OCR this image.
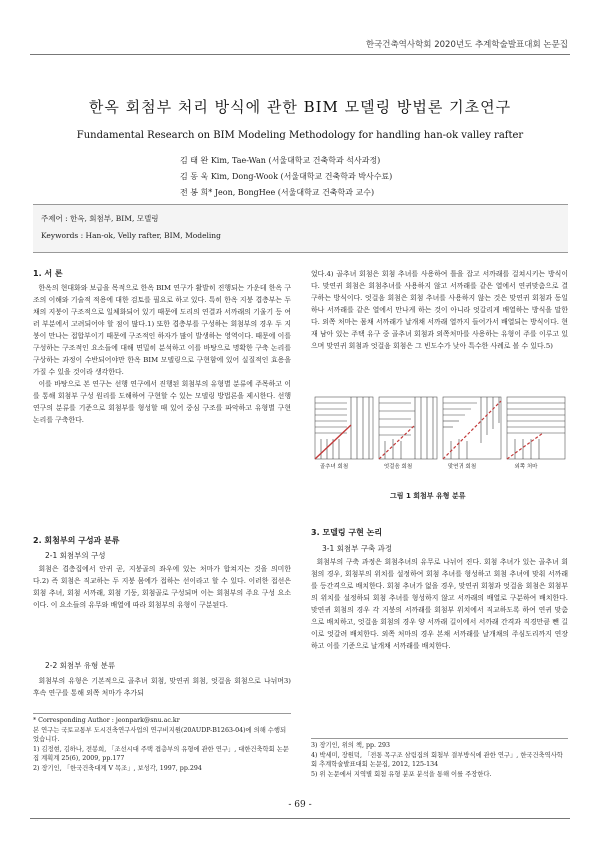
한국건축역사학회 2020년도 추계학술발표대회 논문집
한옥 회첨부 처리 방식에 관한 BIM 모델링 방법론 기초연구
Fundamental Research on BIM Modeling Methodology for handling han-ok valley rafter
김 태 완 Kim, Tae-Wan (서울대학교 건축학과 석사과정)
김 동 욱 Kim, Dong-Wook (서울대학교 건축학과 박사수료)
전 봉 희* Jeon, BongHee (서울대학교 건축학과 교수)
주제어 : 한옥, 회첨부, BIM, 모델링
Keywords : Han-ok, Velly rafter, BIM, Modeling
1. 서 론

한옥의 현대화와 보급을 목적으로 한옥 BIM 연구가 활발히 진행되는 가운데 한옥 구조의 이해와 기술적 적용에 대한 검토를 필요로 하고 있다. 특히 한옥 지붕 겹층부는 두 채의 지붕이 구조적으로 일체화되어 있기 때문에 도리의 연결과 서까래의 기울기 등 여러 부분에서 고려되어야 할 점이 많다.1) 또한 겹층부를 구성하는 회첨부의 경우 두 지붕이 만나는 접합부이기 때문에 구조적인 하자가 많이 발생하는 영역이다. 때문에 이를 구성하는 구조적인 요소들에 대해 면밀히 분석하고 이를 바탕으로 명확한 구축 논리를 구상하는 과정이 수반되어야만 한옥 BIM 모델링으로 구현함에 있어 실질적인 효용을 가질 수 있을 것이라 생각한다.

이를 바탕으로 본 연구는 선행 연구에서 진행된 회첨부의 유형별 분류에 주목하고 이를 통해 회첨부 구성 원리를 도해하여 구현할 수 있는 모델링 방법론을 제시한다. 선행 연구의 분류를 기준으로 회첨부를 형성할 때 있어 중심 구조를 파악하고 유형별 구현 논리를 구축한다.

2. 회첨부의 구성과 분류
2-1 회첨부의 구성

회첨은 겹층집에서 안귀 곧, 지붕골의 좌우에 있는 처마가 합쳐지는 것을 의미한다.2) 즉 회첨은 직교하는 두 지붕 몸에가 접하는 선이라고 할 수 있다. 이러한 접선은 회첨 추녀, 회첨 서까래, 회첨 기둥, 회첨골로 구성되며 이는 회첨부의 주요 구성 요소이다. 이 요소들의 유무와 배열에 따라 회첨부의 유형이 구분된다.

2-2 회첨부 유형 분류

회첨부의 유형은 기본적으로 골추녀 회첨, 맞연귀 회첨, 엇걸음 회첨으로 나뉘며3) 후속 연구를 통해 외쪽 처마가 추가되

* Corresponding Author : jeonpark@snu.ac.kr
본 연구는 국토교통부 도시건축연구사업의 연구비지원(20AUDP-B1263-04)에 의해 수행되었습니다.
1) 김정현, 김하나, 전봉희, 「조선시대 주택 겹층부의 유형에 관한 연구」, 대한건축학회 논문집 계획계 25(6), 2009, pp.177
2) 장기인, 「한국건축대계 V 목조」, 보성각, 1997, pp.294

었다.4) 골추녀 회첨은 회첨 추녀를 사용하여 틀을 잡고 서까래를 걸쳐시키는 방식이다. 맞연귀 회첨은 회첨추녀를 사용하지 않고 서까래를 같은 열에서 연귀맞춤으로 결구하는 방식이다. 엇걸음 회첨은 회첨 추녀를 사용하지 않는 것은 맞연귀 회첨과 동일하나 서까래를 같은 열에서 만나게 하는 것이 아니라 엇갈리게 배열하는 방식을 말한다. 외쪽 처마는 몸채 서까래가 날개채 서까래 열까지 들어가서 배열되는 방식이다. 현재 남아 있는 주택 유구 중 골추녀 회첨과 외쪽처마를 사용하는 유형이 주를 이루고 있으며 맞연귀 회첨과 엇걸음 회첨은 그 빈도수가 낮아 특수한 사례로 볼 수 있다.5)

골추녀 회첨	엇걸음 회첨	맞연귀 회첨	외쪽 처마
그림 1 회첨부 유형 분류
3. 모델링 구현 논리
3-1 회첨부 구축 과정

회첨부의 구축 과정은 회첨추녀의 유무로 나뉘어 진다. 회첨 추녀가 있는 골추녀 회첨의 경우, 회첨부의 위치를 설정하여 회첨 추녀를 형성하고 회첨 추녀에 맞춰 서까래를 등간격으로 배치한다. 회첨 추녀가 없을 경우, 맞연귀 회첨과 엇걸음 회첨은 회첨부의 위치를 설정하되 회첨 추녀를 형성하지 않고 서까래의 배열로 구분하여 배치한다. 맞연귀 회첨의 경우 각 지붕의 서까래를 회첨부 위치에서 직교하도록 하여 연귀 맞춤으로 배치하고, 엇걸음 회첨의 경우 양 서까래 길이에서 서까래 간격과 직경만큼 뺀 길이로 엇갈려 배치한다. 외쪽 처마의 경우 본채 서까래를 날개채의 주심도리까지 연장하고 이를 기준으로 날개채 서까래를 배치한다.

3) 장기인, 위의 책, pp. 293
4) 박세미, 장원덕, 「전통 목구조 삼림집의 회첨부 결부방식에 관한 연구」, 한국건축역사학회 추계학술발표대회 논문집, 2012, 125-134
5) 위 논문에서 지역별 회첨 유형 분포 분석을 통해 이를 주장한다.
- 69 -
